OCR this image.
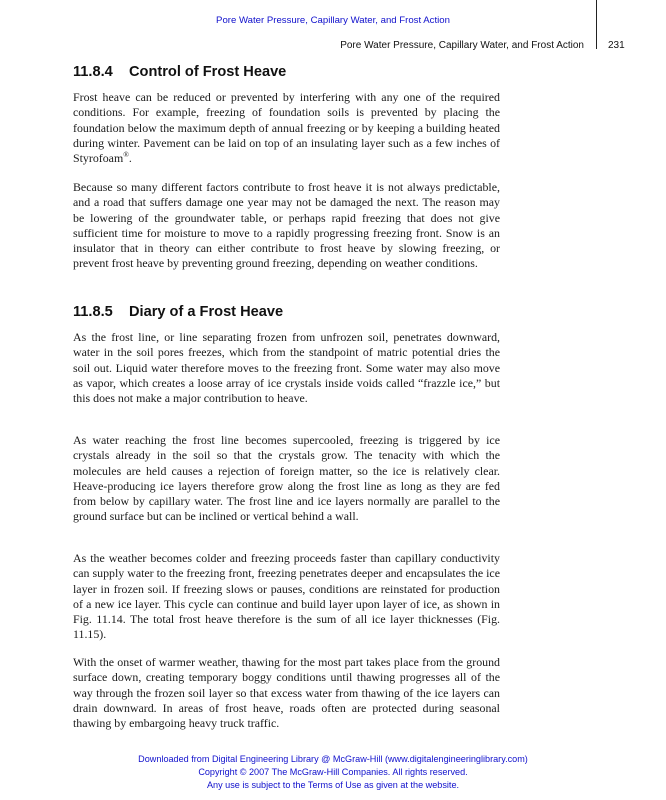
Pore Water Pressure, Capillary Water, and Frost Action
Pore Water Pressure, Capillary Water, and Frost Action 231
11.8.4 Control of Frost Heave

Frost heave can be reduced or prevented by interfering with any one of the required conditions. For example, freezing of foundation soils is prevented by placing the foundation below the maximum depth of annual freezing or by keeping a building heated during winter. Pavement can be laid on top of an insulating layer such as a few inches of Styrofoam®.

Because so many different factors contribute to frost heave it is not always predictable, and a road that suffers damage one year may not be damaged the next. The reason may be lowering of the groundwater table, or perhaps rapid freezing that does not give sufficient time for moisture to move to a rapidly progressing freezing front. Snow is an insulator that in theory can either contribute to frost heave by slowing freezing, or prevent frost heave by preventing ground freezing, depending on weather conditions.

11.8.5 Diary of a Frost Heave

As the frost line, or line separating frozen from unfrozen soil, penetrates downward, water in the soil pores freezes, which from the standpoint of matric potential dries the soil out. Liquid water therefore moves to the freezing front. Some water may also move as vapor, which creates a loose array of ice crystals inside voids called “frazzle ice,” but this does not make a major contribution to heave.

As water reaching the frost line becomes supercooled, freezing is triggered by ice crystals already in the soil so that the crystals grow. The tenacity with which the molecules are held causes a rejection of foreign matter, so the ice is relatively clear. Heave-producing ice layers therefore grow along the frost line as long as they are fed from below by capillary water. The frost line and ice layers normally are parallel to the ground surface but can be inclined or vertical behind a wall.

As the weather becomes colder and freezing proceeds faster than capillary conductivity can supply water to the freezing front, freezing penetrates deeper and encapsulates the ice layer in frozen soil. If freezing slows or pauses, conditions are reinstated for production of a new ice layer. This cycle can continue and build layer upon layer of ice, as shown in Fig. 11.14. The total frost heave therefore is the sum of all ice layer thicknesses (Fig. 11.15).

With the onset of warmer weather, thawing for the most part takes place from the ground surface down, creating temporary boggy conditions until thawing progresses all of the way through the frozen soil layer so that excess water from thawing of the ice layers can drain downward. In areas of frost heave, roads often are protected during seasonal thawing by embargoing heavy truck traffic.

Downloaded from Digital Engineering Library @ McGraw-Hill (www.digitalengineeringlibrary.com)

Copyright © 2007 The McGraw-Hill Companies. All rights reserved.

Any use is subject to the Terms of Use as given at the website.
